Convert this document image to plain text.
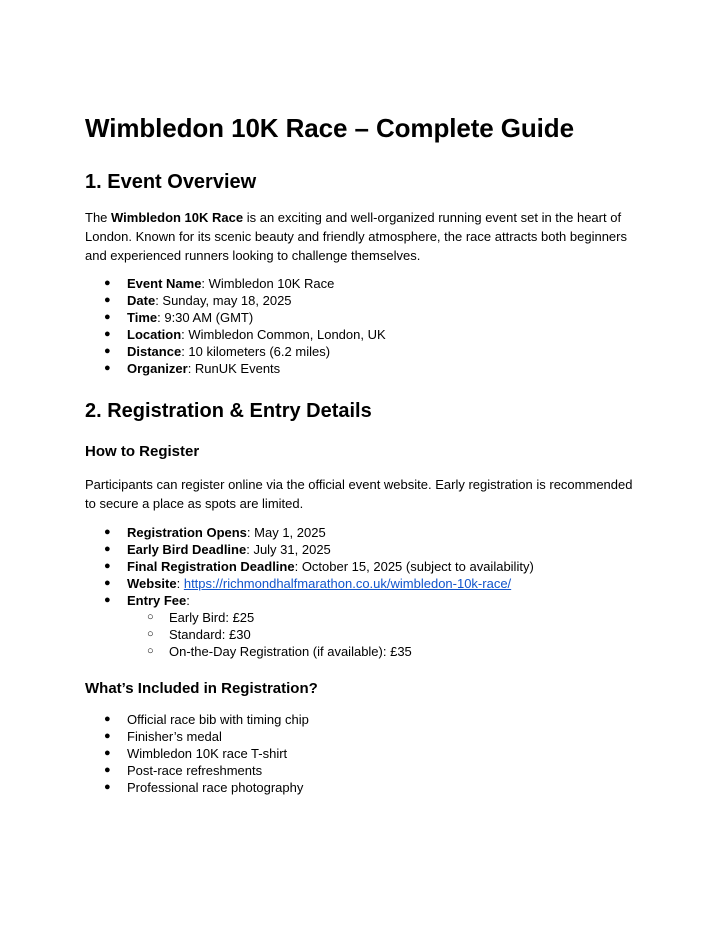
Wimbledon 10K Race – Complete Guide
1. Event Overview

The Wimbledon 10K Race is an exciting and well-organized running event set in the heart of London. Known for its scenic beauty and friendly atmosphere, the race attracts both beginners and experienced runners looking to challenge themselves.

● Event Name: Wimbledon 10K Race
● Date: Sunday, may 18, 2025
● Time: 9:30 AM (GMT)
● Location: Wimbledon Common, London, UK
● Distance: 10 kilometers (6.2 miles)
● Organizer: RunUK Events
2. Registration & Entry Details
How to Register

Participants can register online via the official event website. Early registration is recommended to secure a place as spots are limited.

● Registration Opens: May 1, 2025
● Early Bird Deadline: July 31, 2025
● Final Registration Deadline: October 15, 2025 (subject to availability)
● Website: https://richmondhalfmarathon.co.uk/wimbledon-10k-race/
● Entry Fee:
○ Early Bird: £25
○ Standard: £30
○ On-the-Day Registration (if available): £35
What’s Included in Registration?
● Official race bib with timing chip
● Finisher’s medal
● Wimbledon 10K race T-shirt
● Post-race refreshments
● Professional race photography
